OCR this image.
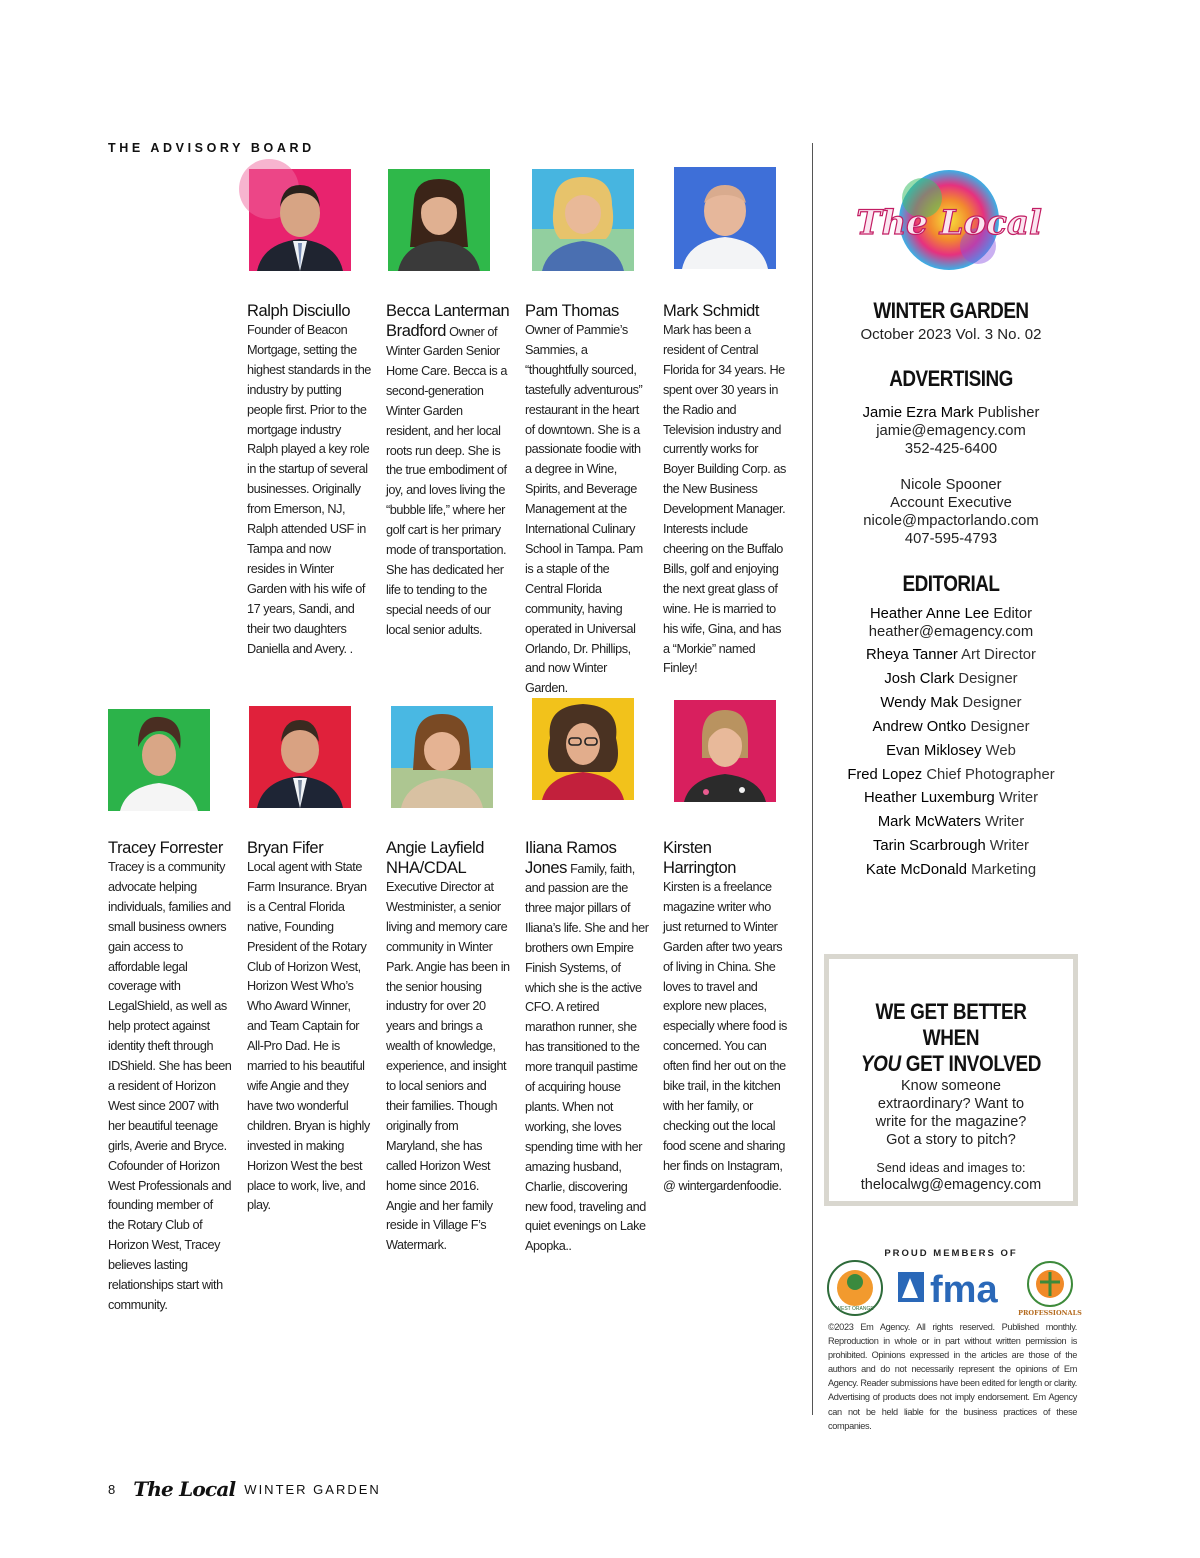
THE ADVISORY BOARD
Ralph Disciullo
Founder of Beacon Mortgage, setting the highest standards in the industry by putting people first. Prior to the mortgage industry Ralph played a key role in the startup of several businesses. Originally from Emerson, NJ, Ralph attended USF in Tampa and now resides in Winter Garden with his wife of 17 years, Sandi, and their two daughters Daniella and Avery. .
Becca Lanterman
Bradford Owner of
Winter Garden Senior Home Care. Becca is a second-generation Winter Garden resident, and her local roots run deep. She is the true embodiment of joy, and loves living the “bubble life,” where her golf cart is her primary mode of transportation. She has dedicated her life to tending to the special needs of our local senior adults.
Pam Thomas
Owner of Pammie’s Sammies, a “thoughtfully sourced, tastefully adventurous” restaurant in the heart of downtown. She is a passionate foodie with a degree in Wine, Spirits, and Beverage Management at the International Culinary School in Tampa. Pam is a staple of the Central Florida community, having operated in Universal Orlando, Dr. Phillips, and now Winter Garden.
Mark Schmidt
Mark has been a resident of Central Florida for 34 years. He spent over 30 years in the Radio and Television industry and currently works for Boyer Building Corp. as the New Business Development Manager. Interests include cheering on the Buffalo Bills, golf and enjoying the next great glass of wine. He is married to his wife, Gina, and has a “Morkie” named Finley!
Tracey Forrester
Tracey is a community advocate helping individuals, families and small business owners gain access to affordable legal coverage with LegalShield, as well as help protect against identity theft through IDShield. She has been a resident of Horizon West since 2007 with her beautiful teenage girls, Averie and Bryce. Cofounder of Horizon West Professionals and founding member of the Rotary Club of Horizon West, Tracey believes lasting relationships start with community.
Bryan Fifer
Local agent with State Farm Insurance. Bryan is a Central Florida native, Founding President of the Rotary Club of Horizon West, Horizon West Who’s Who Award Winner, and Team Captain for All-Pro Dad. He is married to his beautiful wife Angie and they have two wonderful children. Bryan is highly invested in making Horizon West the best place to work, live, and play.
Angie Layfield
NHA/CDAL
Executive Director at Westminister, a senior living and memory care community in Winter Park. Angie has been in the senior housing industry for over 20 years and brings a wealth of knowledge, experience, and insight to local seniors and their families. Though originally from Maryland, she has called Horizon West home since 2016. Angie and her family reside in Village F’s Watermark.
Iliana Ramos
Jones Family, faith,
and passion are the three major pillars of Iliana’s life. She and her brothers own Empire Finish Systems, of which she is the active CFO. A retired marathon runner, she has transitioned to the more tranquil pastime of acquiring house plants. When not working, she loves spending time with her amazing husband, Charlie, discovering new food, traveling and quiet evenings on Lake Apopka..
Kirsten
Harrington
Kirsten is a freelance magazine writer who just returned to Winter Garden after two years of living in China. She loves to travel and explore new places, especially where food is concerned. You can often find her out on the bike trail, in the kitchen with her family, or checking out the local food scene and sharing her finds on Instagram, @ wintergardenfoodie.
The Local
WINTER GARDEN
October 2023 Vol. 3 No. 02
ADVERTISING
Jamie Ezra Mark Publisher
jamie@emagency.com
352-425-6400
Nicole Spooner
Account Executive
nicole@mpactorlando.com
407-595-4793
EDITORIAL
Heather Anne Lee Editor
heather@emagency.com
Rheya Tanner Art Director
Josh Clark Designer
Wendy Mak Designer
Andrew Ontko Designer
Evan Miklosey Web
Fred Lopez Chief Photographer
Heather Luxemburg Writer
Mark McWaters Writer
Tarin Scarbrough Writer
Kate McDonald Marketing
WE GET BETTER WHEN
YOU GET INVOLVED
Know someone
extraordinary? Want to
write for the magazine?
Got a story to pitch?
Send ideas and images to:
thelocalwg@emagency.com
PROUD MEMBERS OF
WEST ORANGE fma
PROFESSIONALS
©2023 Em Agency. All rights reserved. Published monthly. Reproduction in whole or in part without written permission is prohibited. Opinions expressed in the articles are those of the authors and do not necessarily represent the opinions of Em Agency. Reader submissions have been edited for length or clarity. Advertising of products does not imply endorsement. Em Agency can not be held liable for the business practices of these companies.
8 The Local WINTER GARDEN
